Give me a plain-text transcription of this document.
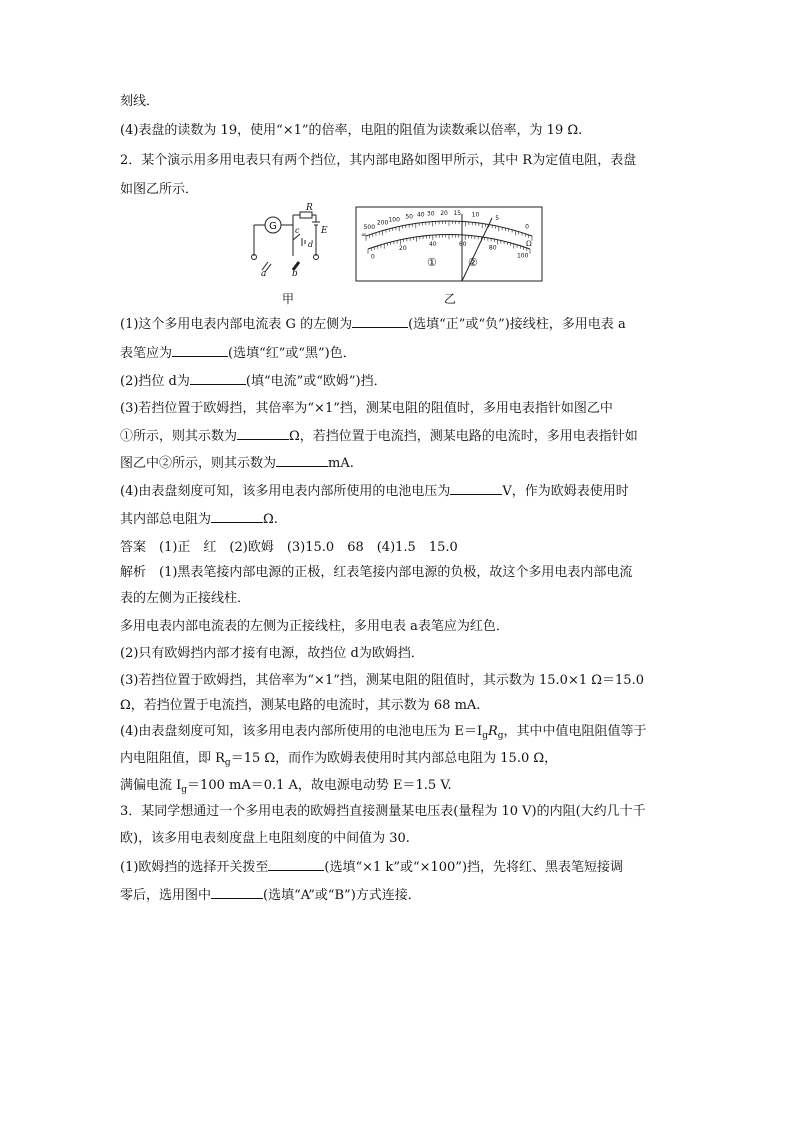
刻线．
(4)表盘的读数为 19，使用“×1”的倍率，电阻的阻值为读数乘以倍率，为 19 Ω.
2．某个演示用多用电表只有两个挡位，其内部电路如图甲所示，其中 R为定值电阻，表盘
如图乙所示．
G
R
E
c
d
a	b
500
200 100 50 40 30 20 15 10
5
0
0
20
40	60
80
100
①	②
Ω
∞
甲	乙
(1)这个多用电表内部电流表 G 的左侧为	(选填“正”或“负”)接线柱，多用电表 a
表笔应为	(选填“红”或“黑”)色．
(2)挡位 d为	(填“电流”或“欧姆”)挡．
(3)若挡位置于欧姆挡，其倍率为“×1”挡，测某电阻的阻值时，多用电表指针如图乙中
①所示，则其示数为	Ω，若挡位置于电流挡，测某电路的电流时，多用电表指针如
图乙中②所示，则其示数为	mA.
(4)由表盘刻度可知，该多用电表内部所使用的电池电压为	V，作为欧姆表使用时
其内部总电阻为	Ω.
答案　(1)正　红　(2)欧姆　(3)15.0　68　(4)1.5　15.0
解析　(1)黑表笔接内部电源的正极，红表笔接内部电源的负极，故这个多用电表内部电流
表的左侧为正接线柱．
多用电表内部电流表的左侧为正接线柱，多用电表 a表笔应为红色．
(2)只有欧姆挡内部才接有电源，故挡位 d为欧姆挡．
(3)若挡位置于欧姆挡，其倍率为“×1”挡，测某电阻的阻值时，其示数为 15.0×1 Ω＝15.0
Ω，若挡位置于电流挡，测某电路的电流时，其示数为 68 mA.
(4)由表盘刻度可知，该多用电表内部所使用的电池电压为 $E=I_gR_g$，其中中值电阻阻值等于
内电阻阻值，即 $R_g=15$ Ω，而作为欧姆表使用时其内部总电阻为 15.0 Ω，
满偏电流 $I_g=100$ mA＝0.1 A，故电源电动势 E＝1.5 V.
3．某同学想通过一个多用电表的欧姆挡直接测量某电压表(量程为 10 V)的内阻(大约几十千
欧)，该多用电表刻度盘上电阻刻度的中间值为 30.
(1)欧姆挡的选择开关拨至	(选填“×1 k”或“×100”)挡，先将红、黑表笔短接调
零后，选用图中	(选填“A”或“B”)方式连接．
